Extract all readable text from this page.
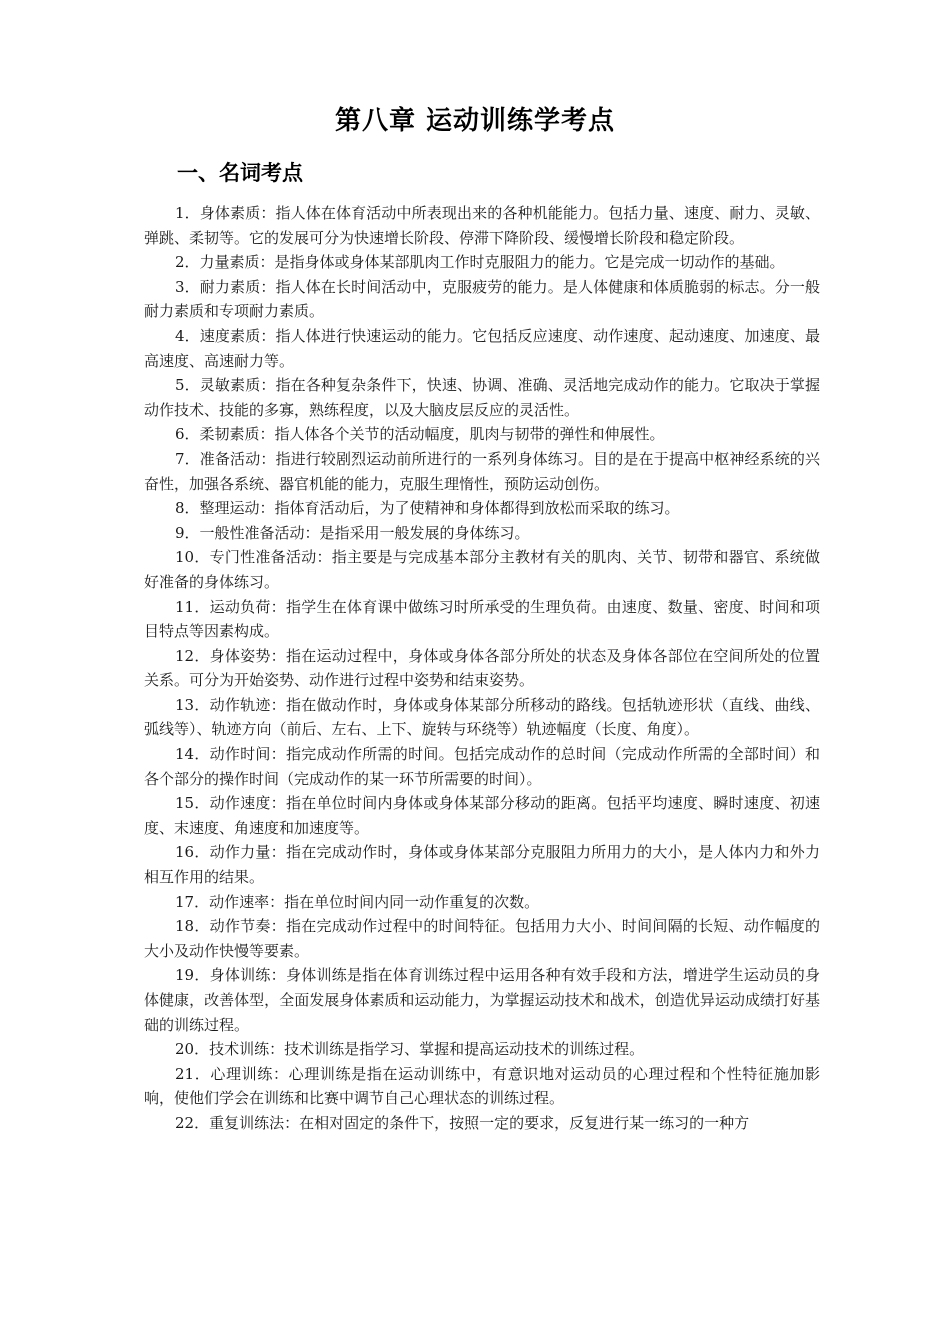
第八章 运动训练学考点
一、名词考点

1．身体素质：指人体在体育活动中所表现出来的各种机能能力。包括力量、速度、耐力、灵敏、弹跳、柔韧等。它的发展可分为快速增长阶段、停滞下降阶段、缓慢增长阶段和稳定阶段。

2．力量素质：是指身体或身体某部肌肉工作时克服阻力的能力。它是完成一切动作的基础。

3．耐力素质：指人体在长时间活动中，克服疲劳的能力。是人体健康和体质脆弱的标志。分一般耐力素质和专项耐力素质。

4．速度素质：指人体进行快速运动的能力。它包括反应速度、动作速度、起动速度、加速度、最高速度、高速耐力等。

5．灵敏素质：指在各种复杂条件下，快速、协调、准确、灵活地完成动作的能力。它取决于掌握动作技术、技能的多寡，熟练程度，以及大脑皮层反应的灵活性。

6．柔韧素质：指人体各个关节的活动幅度，肌肉与韧带的弹性和伸展性。

7．准备活动：指进行较剧烈运动前所进行的一系列身体练习。目的是在于提高中枢神经系统的兴奋性，加强各系统、器官机能的能力，克服生理惰性，预防运动创伤。

8．整理运动：指体育活动后，为了使精神和身体都得到放松而采取的练习。

9．一般性准备活动：是指采用一般发展的身体练习。

10．专门性准备活动：指主要是与完成基本部分主教材有关的肌肉、关节、韧带和器官、系统做好准备的身体练习。

11．运动负荷：指学生在体育课中做练习时所承受的生理负荷。由速度、数量、密度、时间和项目特点等因素构成。

12．身体姿势：指在运动过程中，身体或身体各部分所处的状态及身体各部位在空间所处的位置关系。可分为开始姿势、动作进行过程中姿势和结束姿势。

13．动作轨迹：指在做动作时，身体或身体某部分所移动的路线。包括轨迹形状（直线、曲线、弧线等）、轨迹方向（前后、左右、上下、旋转与环绕等）轨迹幅度（长度、角度）。

14．动作时间：指完成动作所需的时间。包括完成动作的总时间（完成动作所需的全部时间）和各个部分的操作时间（完成动作的某一环节所需要的时间）。

15．动作速度：指在单位时间内身体或身体某部分移动的距离。包括平均速度、瞬时速度、初速度、末速度、角速度和加速度等。

16．动作力量：指在完成动作时，身体或身体某部分克服阻力所用力的大小，是人体内力和外力相互作用的结果。

17．动作速率：指在单位时间内同一动作重复的次数。

18．动作节奏：指在完成动作过程中的时间特征。包括用力大小、时间间隔的长短、动作幅度的大小及动作快慢等要素。

19．身体训练：身体训练是指在体育训练过程中运用各种有效手段和方法，增进学生运动员的身体健康，改善体型，全面发展身体素质和运动能力，为掌握运动技术和战术，创造优异运动成绩打好基础的训练过程。

20．技术训练：技术训练是指学习、掌握和提高运动技术的训练过程。

21．心理训练：心理训练是指在运动训练中，有意识地对运动员的心理过程和个性特征施加影响，使他们学会在训练和比赛中调节自己心理状态的训练过程。

22．重复训练法：在相对固定的条件下，按照一定的要求，反复进行某一练习的一种方
